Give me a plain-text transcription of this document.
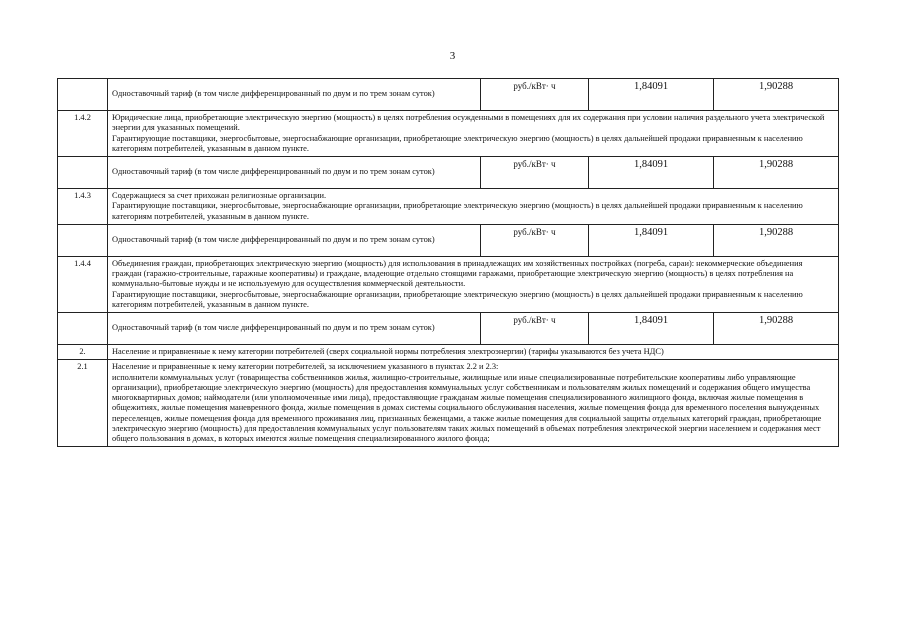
3
	Одноставочный тариф (в том числе дифференцированный по двум и по трем зонам суток)	руб./кВт· ч	1,84091	1,90288
1.4.2	Юридические лица, приобретающие электрическую энергию (мощность) в целях потребления осужденными в помещениях для их содержания при условии наличия раздельного учета электрической энергии для указанных помещений.
Гарантирующие поставщики, энергосбытовые, энергоснабжающие организации, приобретающие электрическую энергию (мощность) в целях дальнейшей продажи приравненным к населению категориям потребителей, указанным в данном пункте.			
	Одноставочный тариф (в том числе дифференцированный по двум и по трем зонам суток)	руб./кВт· ч	1,84091	1,90288
1.4.3	Содержащиеся за счет прихожан религиозные организации.
Гарантирующие поставщики, энергосбытовые, энергоснабжающие организации, приобретающие электрическую энергию (мощность) в целях дальнейшей продажи приравненным к населению категориям потребителей, указанным в данном пункте.			
	Одноставочный тариф (в том числе дифференцированный по двум и по трем зонам суток)	руб./кВт· ч	1,84091	1,90288
1.4.4	Объединения граждан, приобретающих электрическую энергию (мощность) для использования в принадлежащих им хозяйственных постройках (погреба, сараи): некоммерческие объединения граждан (гаражно-строительные, гаражные кооперативы) и граждане, владеющие отдельно стоящими гаражами, приобретающие электрическую энергию (мощность) в целях потребления на коммунально-бытовые нужды и не используемую для осуществления коммерческой деятельности.
Гарантирующие поставщики, энергосбытовые, энергоснабжающие организации, приобретающие электрическую энергию (мощность) в целях дальнейшей продажи приравненным к населению категориям потребителей, указанным в данном пункте.			
	Одноставочный тариф (в том числе дифференцированный по двум и по трем зонам суток)	руб./кВт· ч	1,84091	1,90288
2.	Население и приравненные к нему категории потребителей (сверх социальной нормы потребления электроэнергии) (тарифы указываются без учета НДС)			
2.1	Население и приравненные к нему категории потребителей, за исключением указанного в пунктах 2.2 и 2.3:
исполнители коммунальных услуг (товарищества собственников жилья, жилищно-строительные, жилищные или иные специализированные потребительские кооперативы либо управляющие организации), приобретающие электрическую энергию (мощность) для предоставления коммунальных услуг собственникам и пользователям жилых помещений и содержания общего имущества многоквартирных домов; наймодатели (или уполномоченные ими лица), предоставляющие гражданам жилые помещения специализированного жилищного фонда, включая жилые помещения в общежитиях, жилые помещения маневренного фонда, жилые помещения в домах системы социального обслуживания населения, жилые помещения фонда для временного поселения вынужденных переселенцев, жилые помещения фонда для временного проживания лиц, признанных беженцами, а также жилые помещения для социальной защиты отдельных категорий граждан, приобретающие электрическую энергию (мощность) для предоставления коммунальных услуг пользователям таких жилых помещений в объемах потребления электрической энергии населением и содержания мест общего пользования в домах, в которых имеются жилые помещения специализированного жилого фонда;			
